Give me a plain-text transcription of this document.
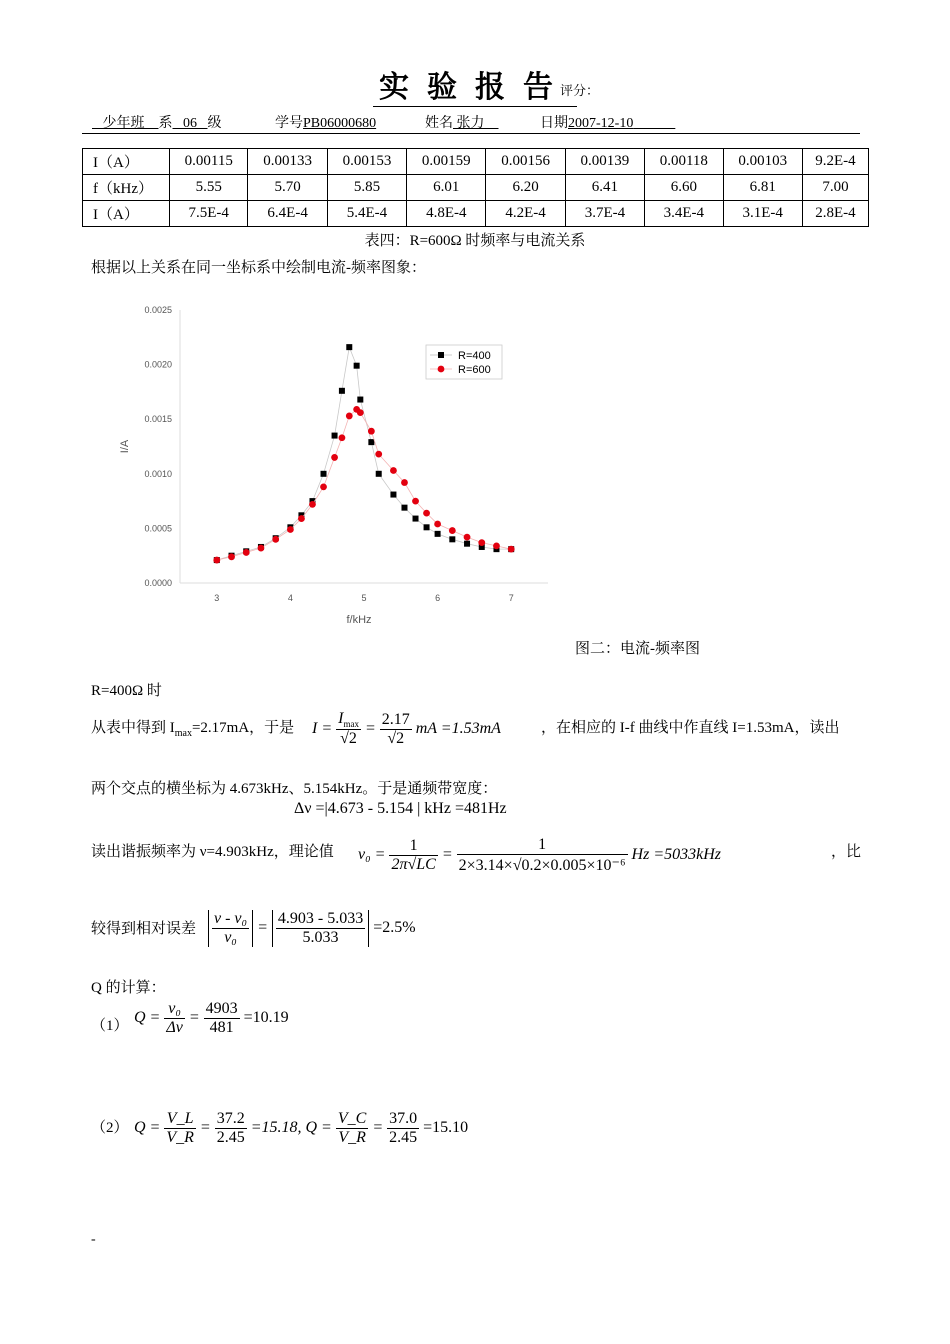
实验报告
评分：
少年班 系 06 级	学号PB06000680	姓名 张力	日期2007-12-10
I（A）	0.00115	0.00133	0.00153	0.00159	0.00156	0.00139	0.00118	0.00103	9.2E-4
f（kHz）	5.55	5.70	5.85	6.01	6.20	6.41	6.60	6.81	7.00
I（A）	7.5E-4	6.4E-4	5.4E-4	4.8E-4	4.2E-4	3.7E-4	3.4E-4	3.1E-4	2.8E-4
表四：R=600Ω 时频率与电流关系
根据以上关系在同一坐标系中绘制电流-频率图象：
0.0000
0.0005
0.0010
0.0015
0.0020
0.0025
3	4	5	6	7
f/kHz
I/A
R=400
R=600
图二：电流-频率图
R=400Ω 时
从表中得到 $I_{max}=2.17mA$，于是 $I = \frac{I_{max}}{√2} = \frac{2.17}{√2}$ mA =1.53mA	，在相应的 I-f 曲线中作直线 I=1.53mA，读出
两个交点的横坐标为 4.673kHz、5.154kHz。于是通频带宽度：
Δν =|4.673 - 5.154 | kHz =481Hz
读出谐振频率为 ν=4.903kHz，理论值 $\nu_0 = \frac{1}{2\pi√LC} = \frac{1}{\text{2×3.14×√0.2×0.005×10⁻⁶}}$ Hz =5033kHz	，比
较得到相对误差 $\frac{\text{ν - ν₀}}{\text{ν₀}} = \frac{4.903 - 5.033}{5.033} =2.5\%$
Q 的计算：
（1） $Q = \frac{\text{ν₀}}{\Delta\nu} = \frac{4903}{481} =10.19$
（2） $Q = \frac{V\_L}{V\_R} = \frac{37.2}{2.45} =15.18$, $Q = \frac{V\_C}{V\_R} = \frac{37.0}{2.45} =15.10$
-
